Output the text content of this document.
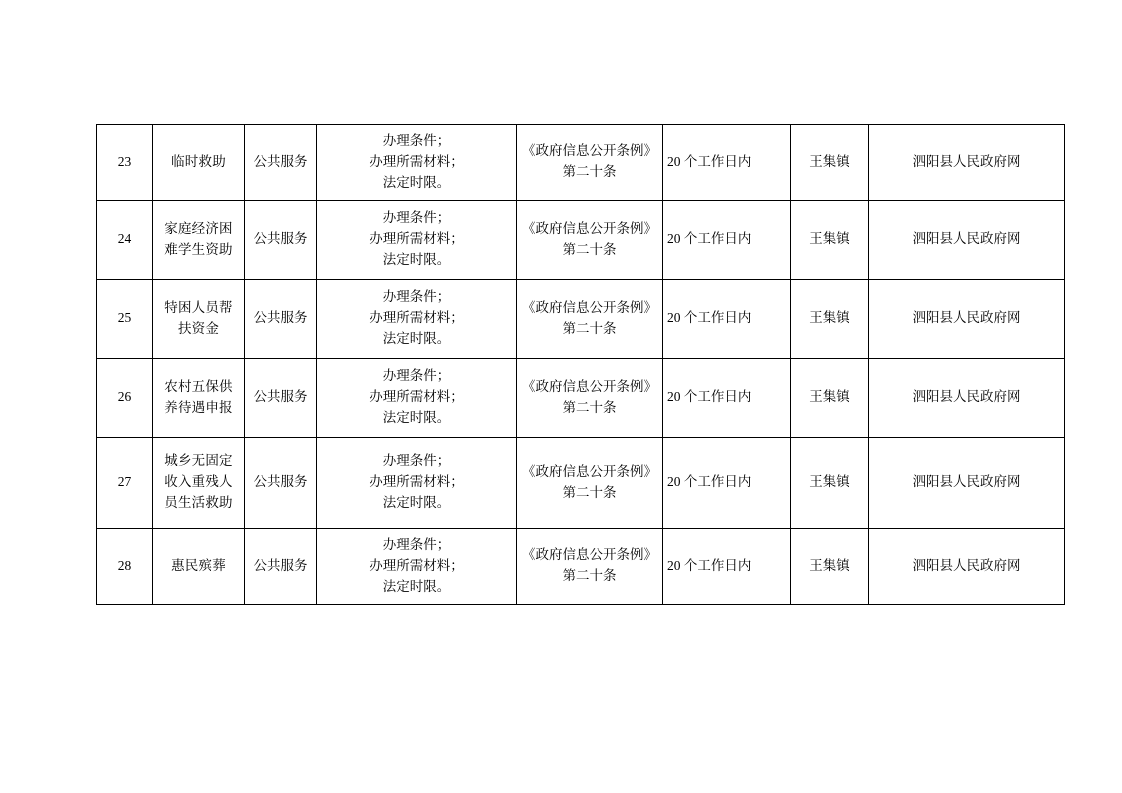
23	临时救助	公共服务	办理条件；
办理所需材料；
法定时限。	《政府信息公开条例》
第二十条	20 个工作日内	王集镇	泗阳县人民政府网
24	家庭经济困
难学生资助	公共服务	办理条件；
办理所需材料；
法定时限。	《政府信息公开条例》
第二十条	20 个工作日内	王集镇	泗阳县人民政府网
25	特困人员帮
扶资金	公共服务	办理条件；
办理所需材料；
法定时限。	《政府信息公开条例》
第二十条	20 个工作日内	王集镇	泗阳县人民政府网
26	农村五保供
养待遇申报	公共服务	办理条件；
办理所需材料；
法定时限。	《政府信息公开条例》
第二十条	20 个工作日内	王集镇	泗阳县人民政府网
27	城乡无固定
收入重残人
员生活救助	公共服务	办理条件；
办理所需材料；
法定时限。	《政府信息公开条例》
第二十条	20 个工作日内	王集镇	泗阳县人民政府网
28	惠民殡葬	公共服务	办理条件；
办理所需材料；
法定时限。	《政府信息公开条例》
第二十条	20 个工作日内	王集镇	泗阳县人民政府网
